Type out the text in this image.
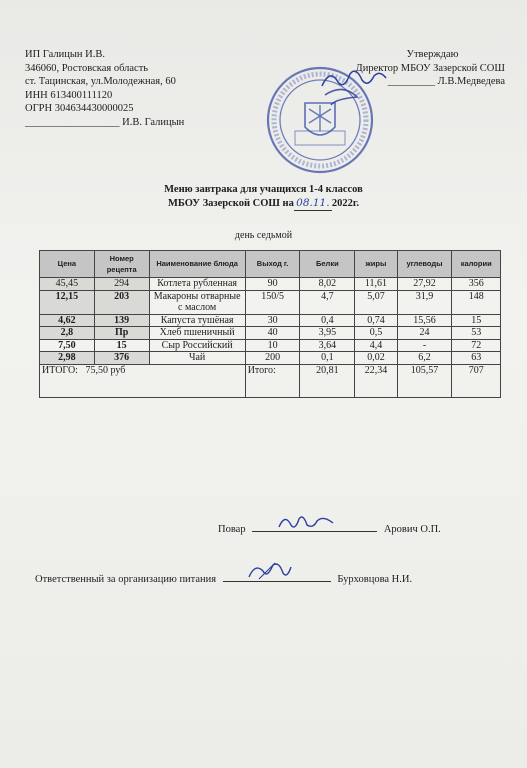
ИП Галицын И.В.
346060, Ростовская область
ст. Тацинская, ул.Молодежная, 60
ИНН 613400111120
ОГРН 304634430000025
__________________ И.В. Галицын
Утверждаю
Директор МБОУ Зазерской СОШ
_________ Л.В.Медведева
Меню завтрака для учащихся 1-4 классов
МБОУ Зазерской СОШ на 08.11. 2022г.
день седьмой
Цена	Номер рецепта	Наименование блюда	Выход г.	Белки	жиры	углеводы	калории
45,45	294	Котлета рубленная	90	8,02	11,61	27,92	356
12,15	203	Макароны отварные с маслом	150/5	4,7	5,07	31,9	148
4,62	139	Капуста тушёная	30	0,4	0,74	15,56	15
2,8	Пр	Хлеб пшеничный	40	3,95	0,5	24	53
7,50	15	Сыр Российский	10	3,64	4,4	-	72
2,98	376	Чай	200	0,1	0,02	6,2	63
ИТОГО: 75,50 руб			Итого:	20,81	22,34	105,57	707
Повар	Арович О.П.
Ответственный за организацию питания	Бурховцова Н.И.
